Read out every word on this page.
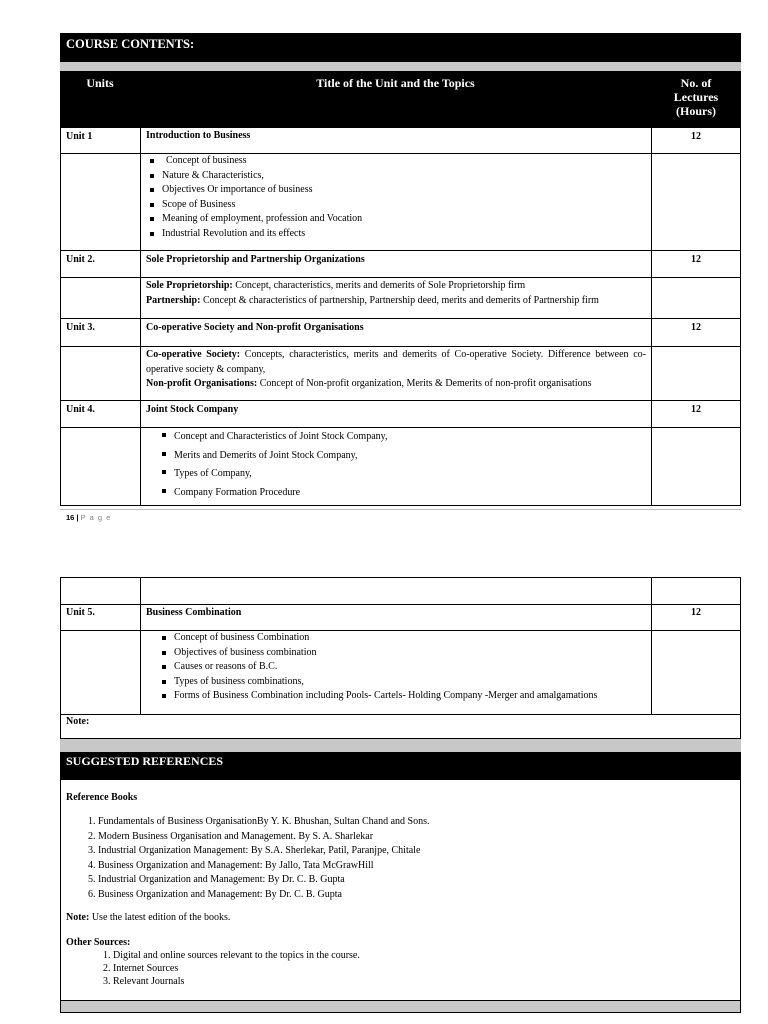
COURSE CONTENTS:
Units	Title of the Unit and the Topics	No. of
Lectures
(Hours)
Unit 1	Introduction to Business	12
Concept of business
Nature & Characteristics,
Objectives Or importance of business
Scope of Business
Meaning of employment, profession and Vocation
Industrial Revolution and its effects
Unit 2.	Sole Proprietorship and Partnership Organizations	12
Sole Proprietorship: Concept, characteristics, merits and demerits of Sole Proprietorship firm
Partnership: Concept & characteristics of partnership, Partnership deed, merits and demerits of Partnership firm
Unit 3.	Co-operative Society and Non-profit Organisations	12
Co-operative Society: Concepts, characteristics, merits and demerits of Co-operative Society. Difference between co-operative society & company,
Non-profit Organisations: Concept of Non-profit organization, Merits & Demerits of non-profit organisations
Unit 4.	Joint Stock Company	12
Concept and Characteristics of Joint Stock Company,
Merits and Demerits of Joint Stock Company,
Types of Company,
Company Formation Procedure
16 | P a g e
Unit 5.	Business Combination	12
Concept of business Combination
Objectives of business combination
Causes or reasons of B.C.
Types of business combinations,
Forms of Business Combination including Pools- Cartels- Holding Company -Merger and amalgamations
Note:
SUGGESTED REFERENCES
Reference Books
1. Fundamentals of Business OrganisationBy Y. K. Bhushan, Sultan Chand and Sons.
2. Modern Business Organisation and Management. By S. A. Sharlekar
3. Industrial Organization Management: By S.A. Sherlekar, Patil, Paranjpe, Chitale
4. Business Organization and Management: By Jallo, Tata McGrawHill
5. Industrial Organization and Management: By Dr. C. B. Gupta
6. Business Organization and Management: By Dr. C. B. Gupta
Note: Use the latest edition of the books.
Other Sources:
1. Digital and online sources relevant to the topics in the course.
2. Internet Sources
3. Relevant Journals
